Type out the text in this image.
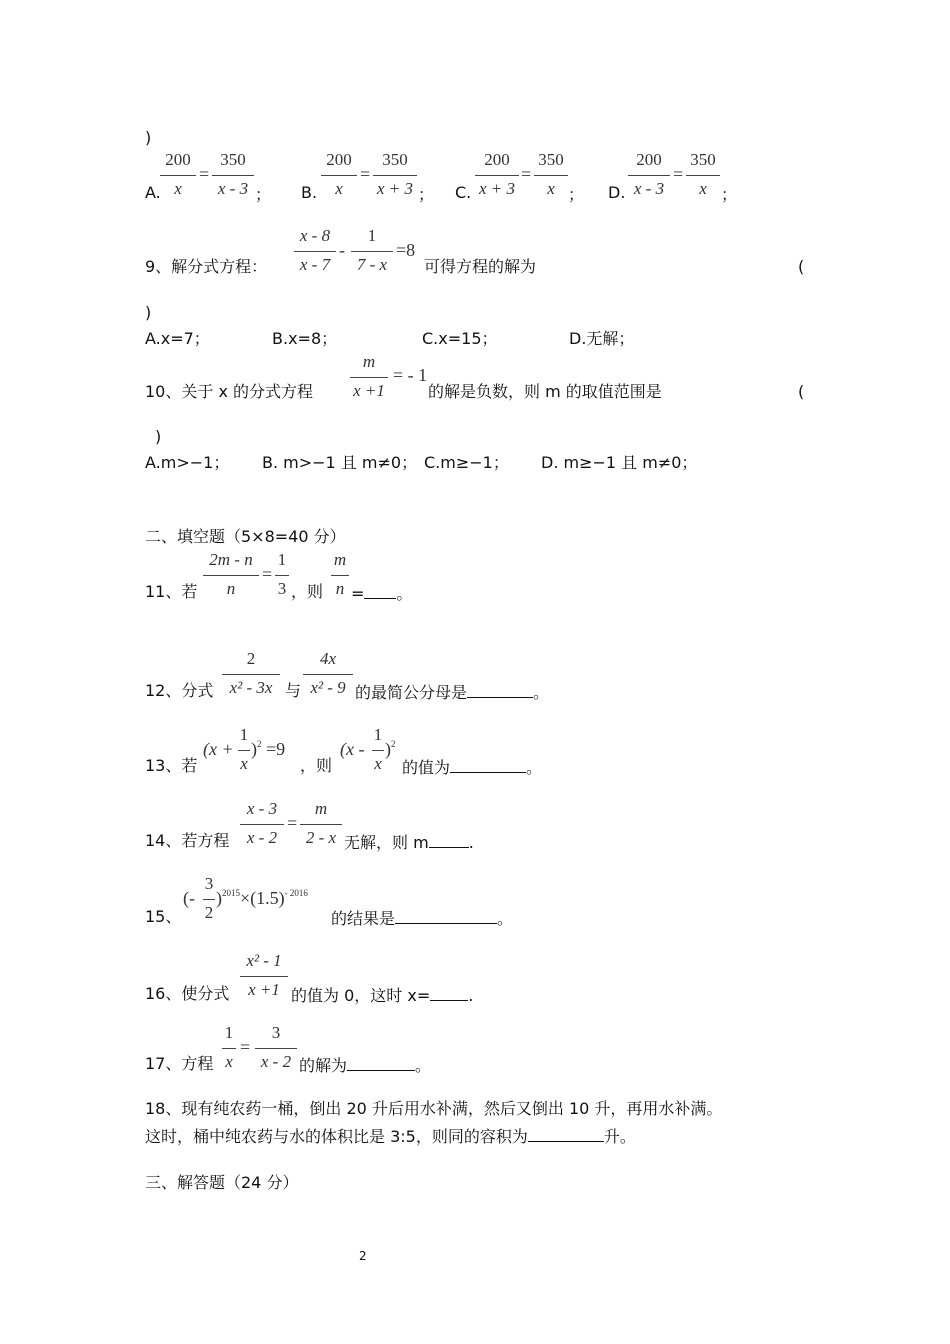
)
A.
200
x
=
350
x - 3 ； B.
200
x
=
350
x + 3 ； C.
200
x + 3
=
350
x ； D.
200
x - 3
=
350
x ；
9、解分式方程：
x - 8
x - 7
-
1
7 - x
=8
可得方程的解为	(
)
A.x=7；	B.x=8；	C.x=15；	D.无解；
10、关于 x 的分式方程
m
x +1
= - 1
的解是负数，则 m 的取值范围是	(
)
A.m>−1； B. m>−1 且 m≠0； C.m≥−1； D. m≥−1 且 m≠0；
二、填空题（5×8=40 分）
11、若
2m - n
n
=
1
3 ，则
m
n = 。
12、分式
2
x² - 3x 与
4x
x² - 9 的最简公分母是	。
13、若
(x +
1
x
)$^2$ =9
，则
(x -
1
x
)$^2$
的值为	。
14、若方程
x - 3
x - 2
=
m
2 - x 无解，则 m	.
15、
(-
3
2
)$^{2015}\times(1.5)^{- 2016}$
的结果是	。
16、使分式
x² - 1
x +1 的值为 0，这时 x= .
17、方程
1
x
=
3
x - 2 的解为	。
18、现有纯农药一桶，倒出 20 升后用水补满，然后又倒出 10 升，再用水补满。
这时，桶中纯农药与水的体积比是 3:5，则同的容积为	升。
三、解答题（24 分）
2
